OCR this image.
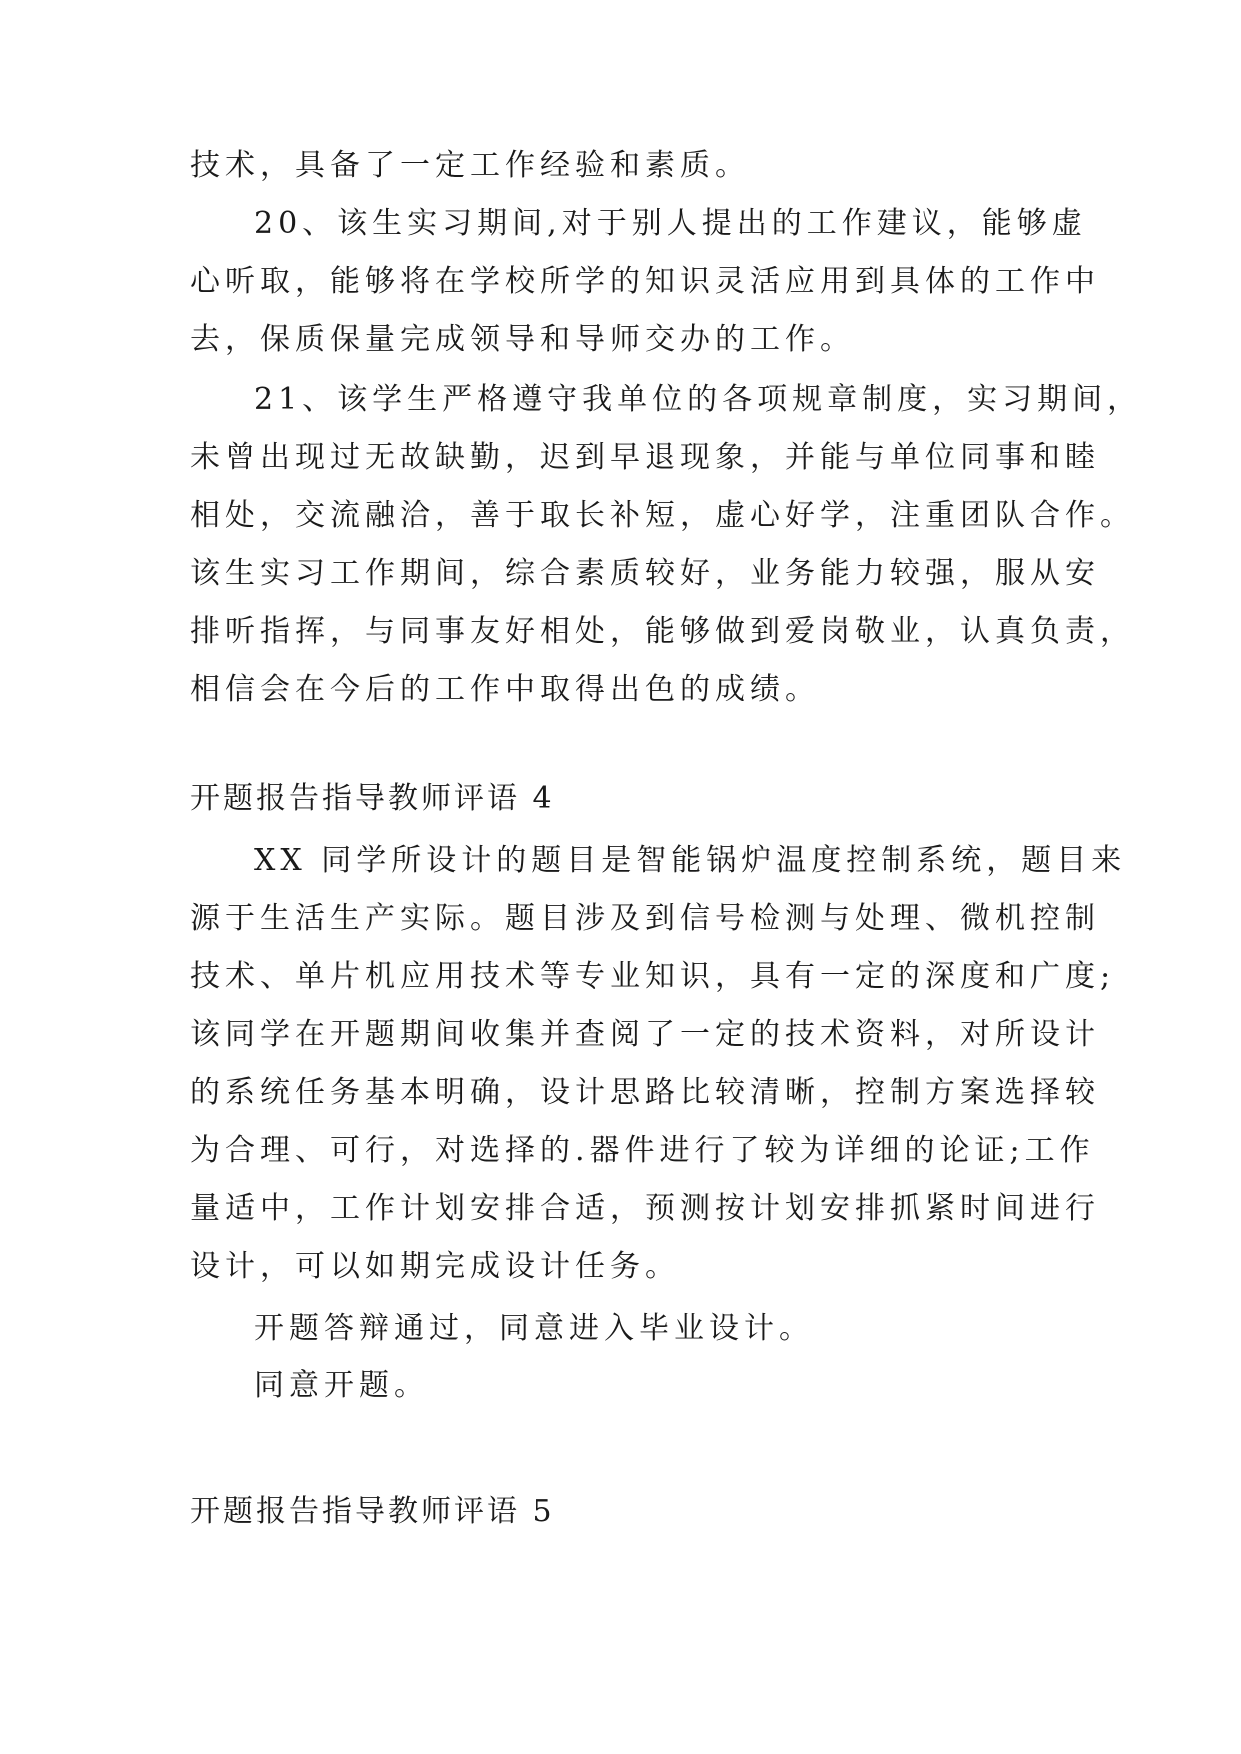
技术，具备了一定工作经验和素质。
20、该生实习期间,对于别人提出的工作建议，能够虚
心听取，能够将在学校所学的知识灵活应用到具体的工作中
去，保质保量完成领导和导师交办的工作。
21、该学生严格遵守我单位的各项规章制度，实习期间，
未曾出现过无故缺勤，迟到早退现象，并能与单位同事和睦
相处，交流融洽，善于取长补短，虚心好学，注重团队合作。
该生实习工作期间，综合素质较好，业务能力较强，服从安
排听指挥，与同事友好相处，能够做到爱岗敬业，认真负责，
相信会在今后的工作中取得出色的成绩。
开题报告指导教师评语 4
XX 同学所设计的题目是智能锅炉温度控制系统，题目来
源于生活生产实际。题目涉及到信号检测与处理、微机控制
技术、单片机应用技术等专业知识，具有一定的深度和广度;
该同学在开题期间收集并查阅了一定的技术资料，对所设计
的系统任务基本明确，设计思路比较清晰，控制方案选择较
为合理、可行，对选择的.器件进行了较为详细的论证;工作
量适中，工作计划安排合适，预测按计划安排抓紧时间进行
设计，可以如期完成设计任务。
开题答辩通过，同意进入毕业设计。
同意开题。
开题报告指导教师评语 5
